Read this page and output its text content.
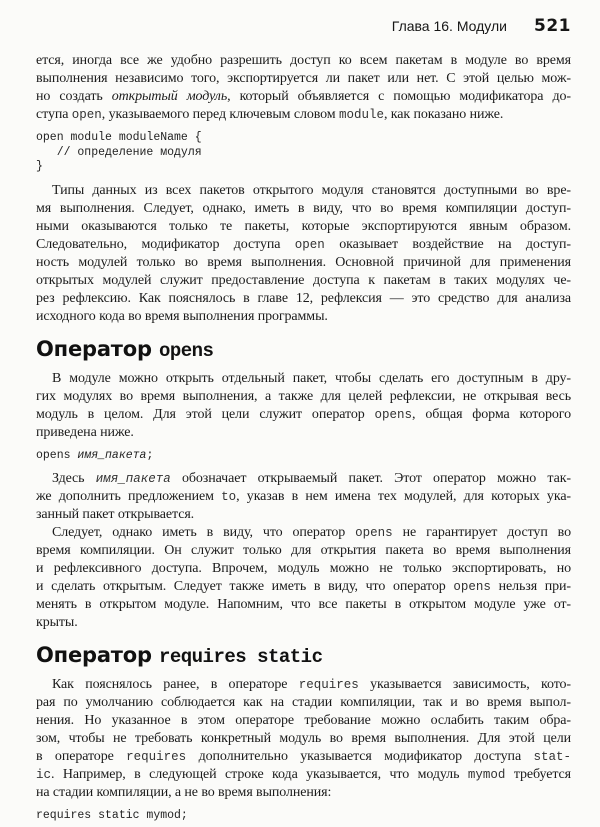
Глава 16. Модули 521
ется, иногда все же удобно разрешить доступ ко всем пакетам в модуле во время
выполнения независимо того, экспортируется ли пакет или нет. С этой целью мож-
но создать открытый модуль, который объявляется с помощью модификатора до-
ступа open, указываемого перед ключевым словом module, как показано ниже.
open module moduleName {
// определение модуля
}
Типы данных из всех пакетов открытого модуля становятся доступными во вре-
мя выполнения. Следует, однако, иметь в виду, что во время компиляции доступ-
ными оказываются только те пакеты, которые экспортируются явным образом.
Следовательно, модификатор доступа open оказывает воздействие на доступ-
ность модулей только во время выполнения. Основной причиной для применения
открытых модулей служит предоставление доступа к пакетам в таких модулях че-
рез рефлексию. Как пояснялось в главе 12, рефлексия — это средство для анализа
исходного кода во время выполнения программы.
Оператор opens
В модуле можно открыть отдельный пакет, чтобы сделать его доступным в дру-
гих модулях во время выполнения, а также для целей рефлексии, не открывая весь
модуль в целом. Для этой цели служит оператор opens, общая форма которого
приведена ниже.
opens имя_пакета;
Здесь имя_пакета обозначает открываемый пакет. Этот оператор можно так-
же дополнить предложением to, указав в нем имена тех модулей, для которых ука-
занный пакет открывается.
Следует, однако иметь в виду, что оператор opens не гарантирует доступ во
время компиляции. Он служит только для открытия пакета во время выполнения
и рефлексивного доступа. Впрочем, модуль можно не только экспортировать, но
и сделать открытым. Следует также иметь в виду, что оператор opens нельзя при-
менять в открытом модуле. Напомним, что все пакеты в открытом модуле уже от-
крыты.
Оператор requires static
Как пояснялось ранее, в операторе requires указывается зависимость, кото-
рая по умолчанию соблюдается как на стадии компиляции, так и во время выпол-
нения. Но указанное в этом операторе требование можно ослабить таким обра-
зом, чтобы не требовать конкретный модуль во время выполнения. Для этой цели
в операторе requires дополнительно указывается модификатор доступа stat-
ic. Например, в следующей строке кода указывается, что модуль mymod требуется
на стадии компиляции, а не во время выполнения:
requires static mymod;
